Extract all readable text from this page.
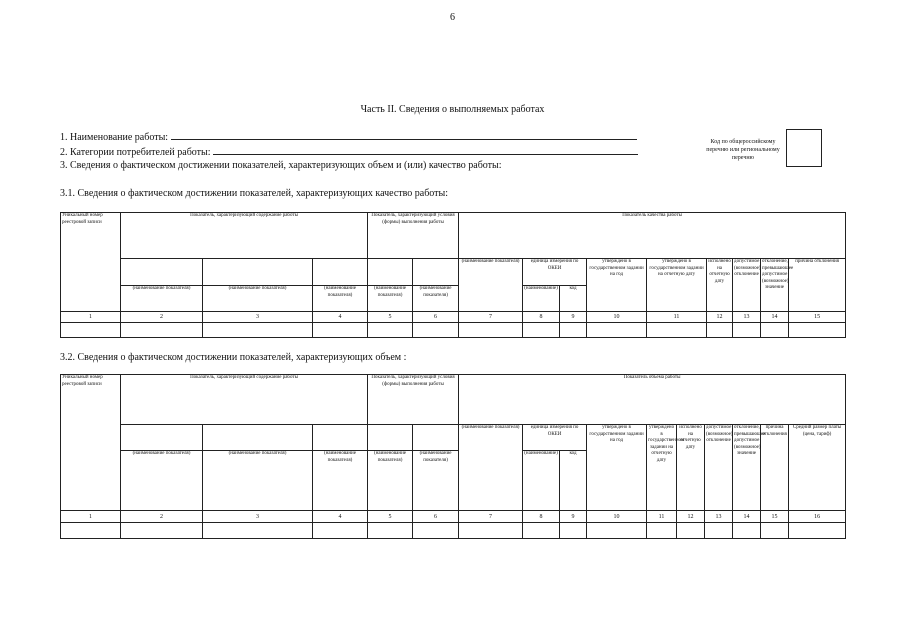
6
Часть II. Сведения о выполняемых работах
1. Наименование работы:
2. Категории потребителей работы:
3. Сведения о фактическом достижении показателей, характеризующих объем и (или) качество работы:
Код по общероссийскому перечню или региональному перечню
3.1. Сведения о фактическом достижении показателей, характеризующих качество работы:
Уникальный номер реестровой записи	Показатель, характеризующий содержание работы			Показатель, характеризующий условия (формы) выполнения работы		Показатель качества работы								
						(наименование показателя)	единица измерения по ОКЕИ		утверждено в государственном задании на год	утверждено в государственном задании на отчетную дату	исполнено на отчетную дату	допустимое (возможное) отклонение	отклонение, превышающее допустимое (возможное) значение	причина отклонения
	(наименование показателя)	(наименование показателя)	(наименование показателя)	(наименование показателя)	(наименование показателя)		(наименование)	код						
1	2	3	4	5	6	7	8	9	10	11	12	13	14	15

3.2. Сведения о фактическом достижении показателей, характеризующих объем :
Уникальный номер реестровой записи	Показатель, характеризующий содержание работы			Показатель, характеризующий условия (формы) выполнения работы		Показатель объема работы									
						(наименование показателя)	единица измерения по ОКЕИ		утверждено в государственном задании на год	утверждено в государственном задании на отчетную дату	исполнено на отчетную дату	допустимое (возможное) отклонение	отклонение, превышающее допустимое (возможное) значение	причина отклонения	Средний размер платы (цена, тариф)
	(наименование показателя)	(наименование показателя)	(наименование показателя)	(наименование показателя)	(наименование показателя)		(наименование)	код							
1	2	3	4	5	6	7	8	9	10	11	12	13	14	15	16
